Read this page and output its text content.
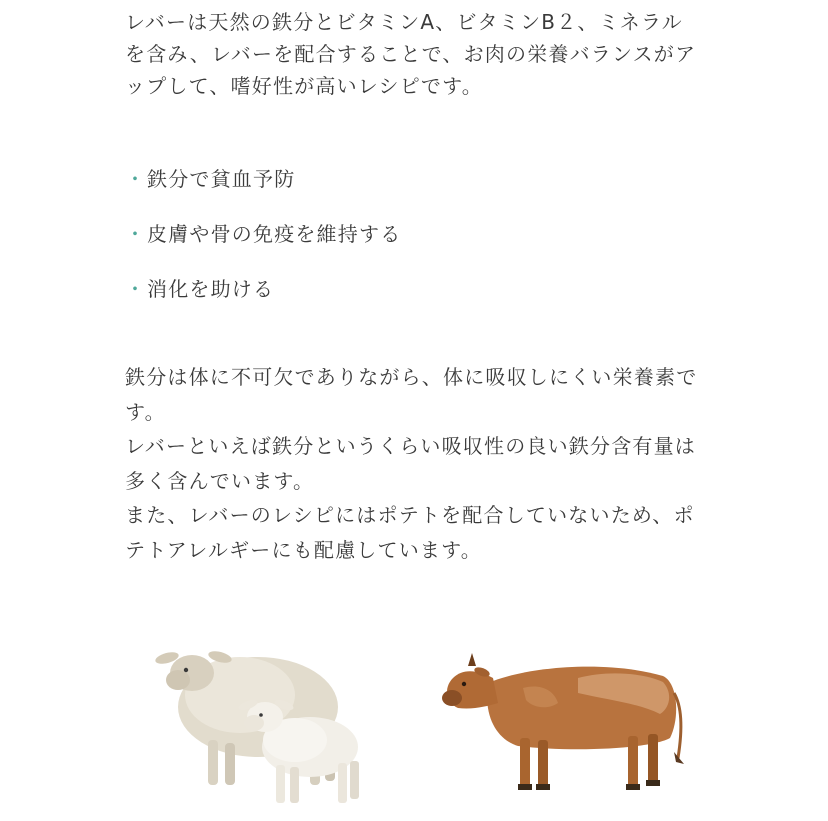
レバーは天然の鉄分とビタミンA、ビタミンB２、ミネラル
を含み、レバーを配合することで、お肉の栄養バランスがア
ップして、嗜好性が高いレシピです。
・ 鉄分で貧血予防
・ 皮膚や骨の免疫を維持する
・ 消化を助ける
鉄分は体に不可欠でありながら、体に吸収しにくい栄養素で
す。
レバーといえば鉄分というくらい吸収性の良い鉄分含有量は
多く含んでいます。
また、レバーのレシピにはポテトを配合していないため、ポ
テトアレルギーにも配慮しています。
